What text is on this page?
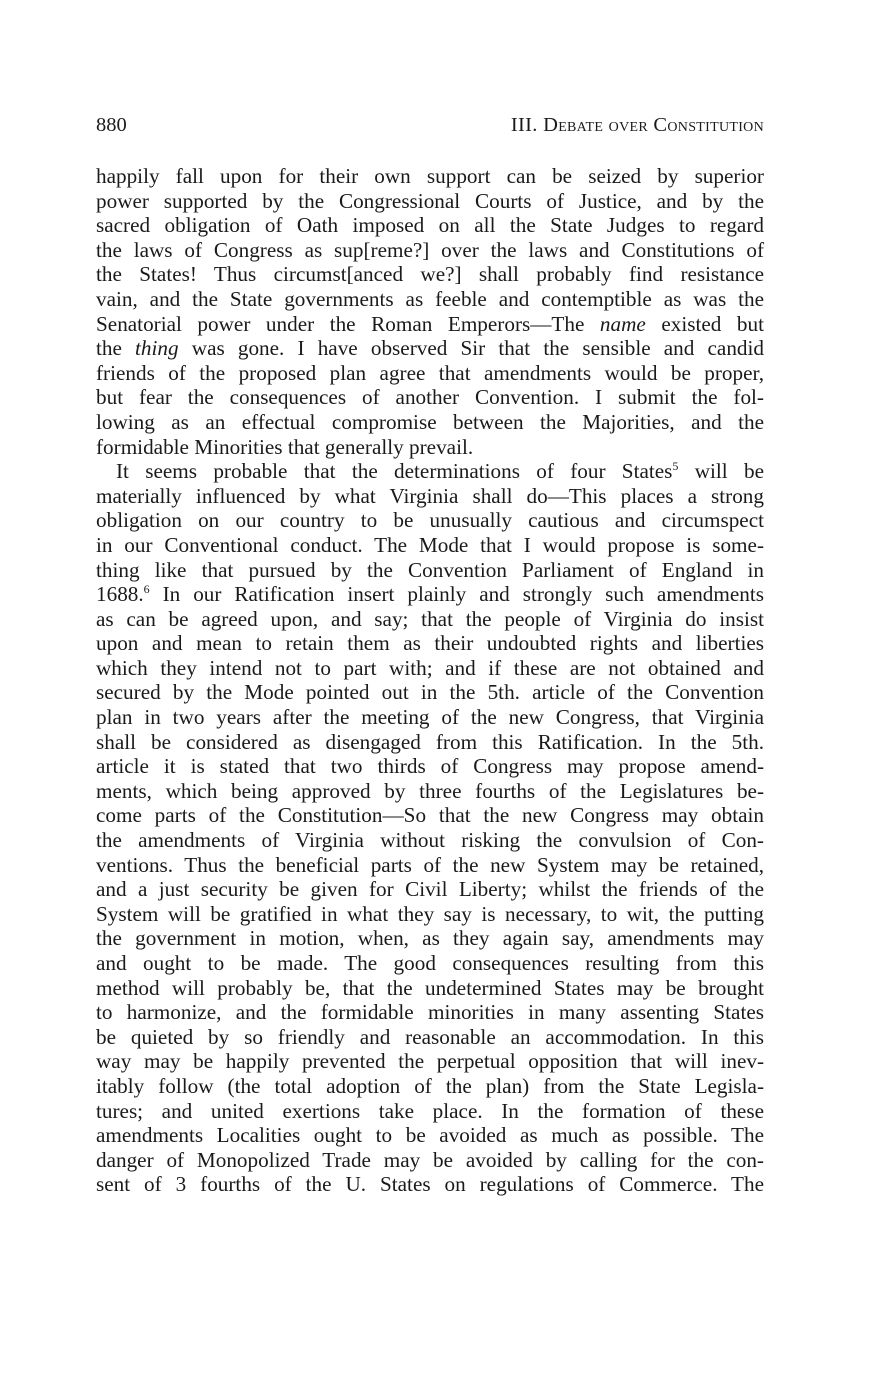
880	III. Debate over Constitution
happily fall upon for their own support can be seized by superior
power supported by the Congressional Courts of Justice, and by the
sacred obligation of Oath imposed on all the State Judges to regard
the laws of Congress as sup[reme?] over the laws and Constitutions of
the States! Thus circumst[anced we?] shall probably find resistance
vain, and the State governments as feeble and contemptible as was the
Senatorial power under the Roman Emperors—The name existed but
the thing was gone. I have observed Sir that the sensible and candid
friends of the proposed plan agree that amendments would be proper,
but fear the consequences of another Convention. I submit the fol-
lowing as an effectual compromise between the Majorities, and the
formidable Minorities that generally prevail.
It seems probable that the determinations of four States$^5$ will be
materially influenced by what Virginia shall do—This places a strong
obligation on our country to be unusually cautious and circumspect
in our Conventional conduct. The Mode that I would propose is some-
thing like that pursued by the Convention Parliament of England in
1688.$^6$ In our Ratification insert plainly and strongly such amendments
as can be agreed upon, and say; that the people of Virginia do insist
upon and mean to retain them as their undoubted rights and liberties
which they intend not to part with; and if these are not obtained and
secured by the Mode pointed out in the 5th. article of the Convention
plan in two years after the meeting of the new Congress, that Virginia
shall be considered as disengaged from this Ratification. In the 5th.
article it is stated that two thirds of Congress may propose amend-
ments, which being approved by three fourths of the Legislatures be-
come parts of the Constitution—So that the new Congress may obtain
the amendments of Virginia without risking the convulsion of Con-
ventions. Thus the beneficial parts of the new System may be retained,
and a just security be given for Civil Liberty; whilst the friends of the
System will be gratified in what they say is necessary, to wit, the putting
the government in motion, when, as they again say, amendments may
and ought to be made. The good consequences resulting from this
method will probably be, that the undetermined States may be brought
to harmonize, and the formidable minorities in many assenting States
be quieted by so friendly and reasonable an accommodation. In this
way may be happily prevented the perpetual opposition that will inev-
itably follow (the total adoption of the plan) from the State Legisla-
tures; and united exertions take place. In the formation of these
amendments Localities ought to be avoided as much as possible. The
danger of Monopolized Trade may be avoided by calling for the con-
sent of 3 fourths of the U. States on regulations of Commerce. The
